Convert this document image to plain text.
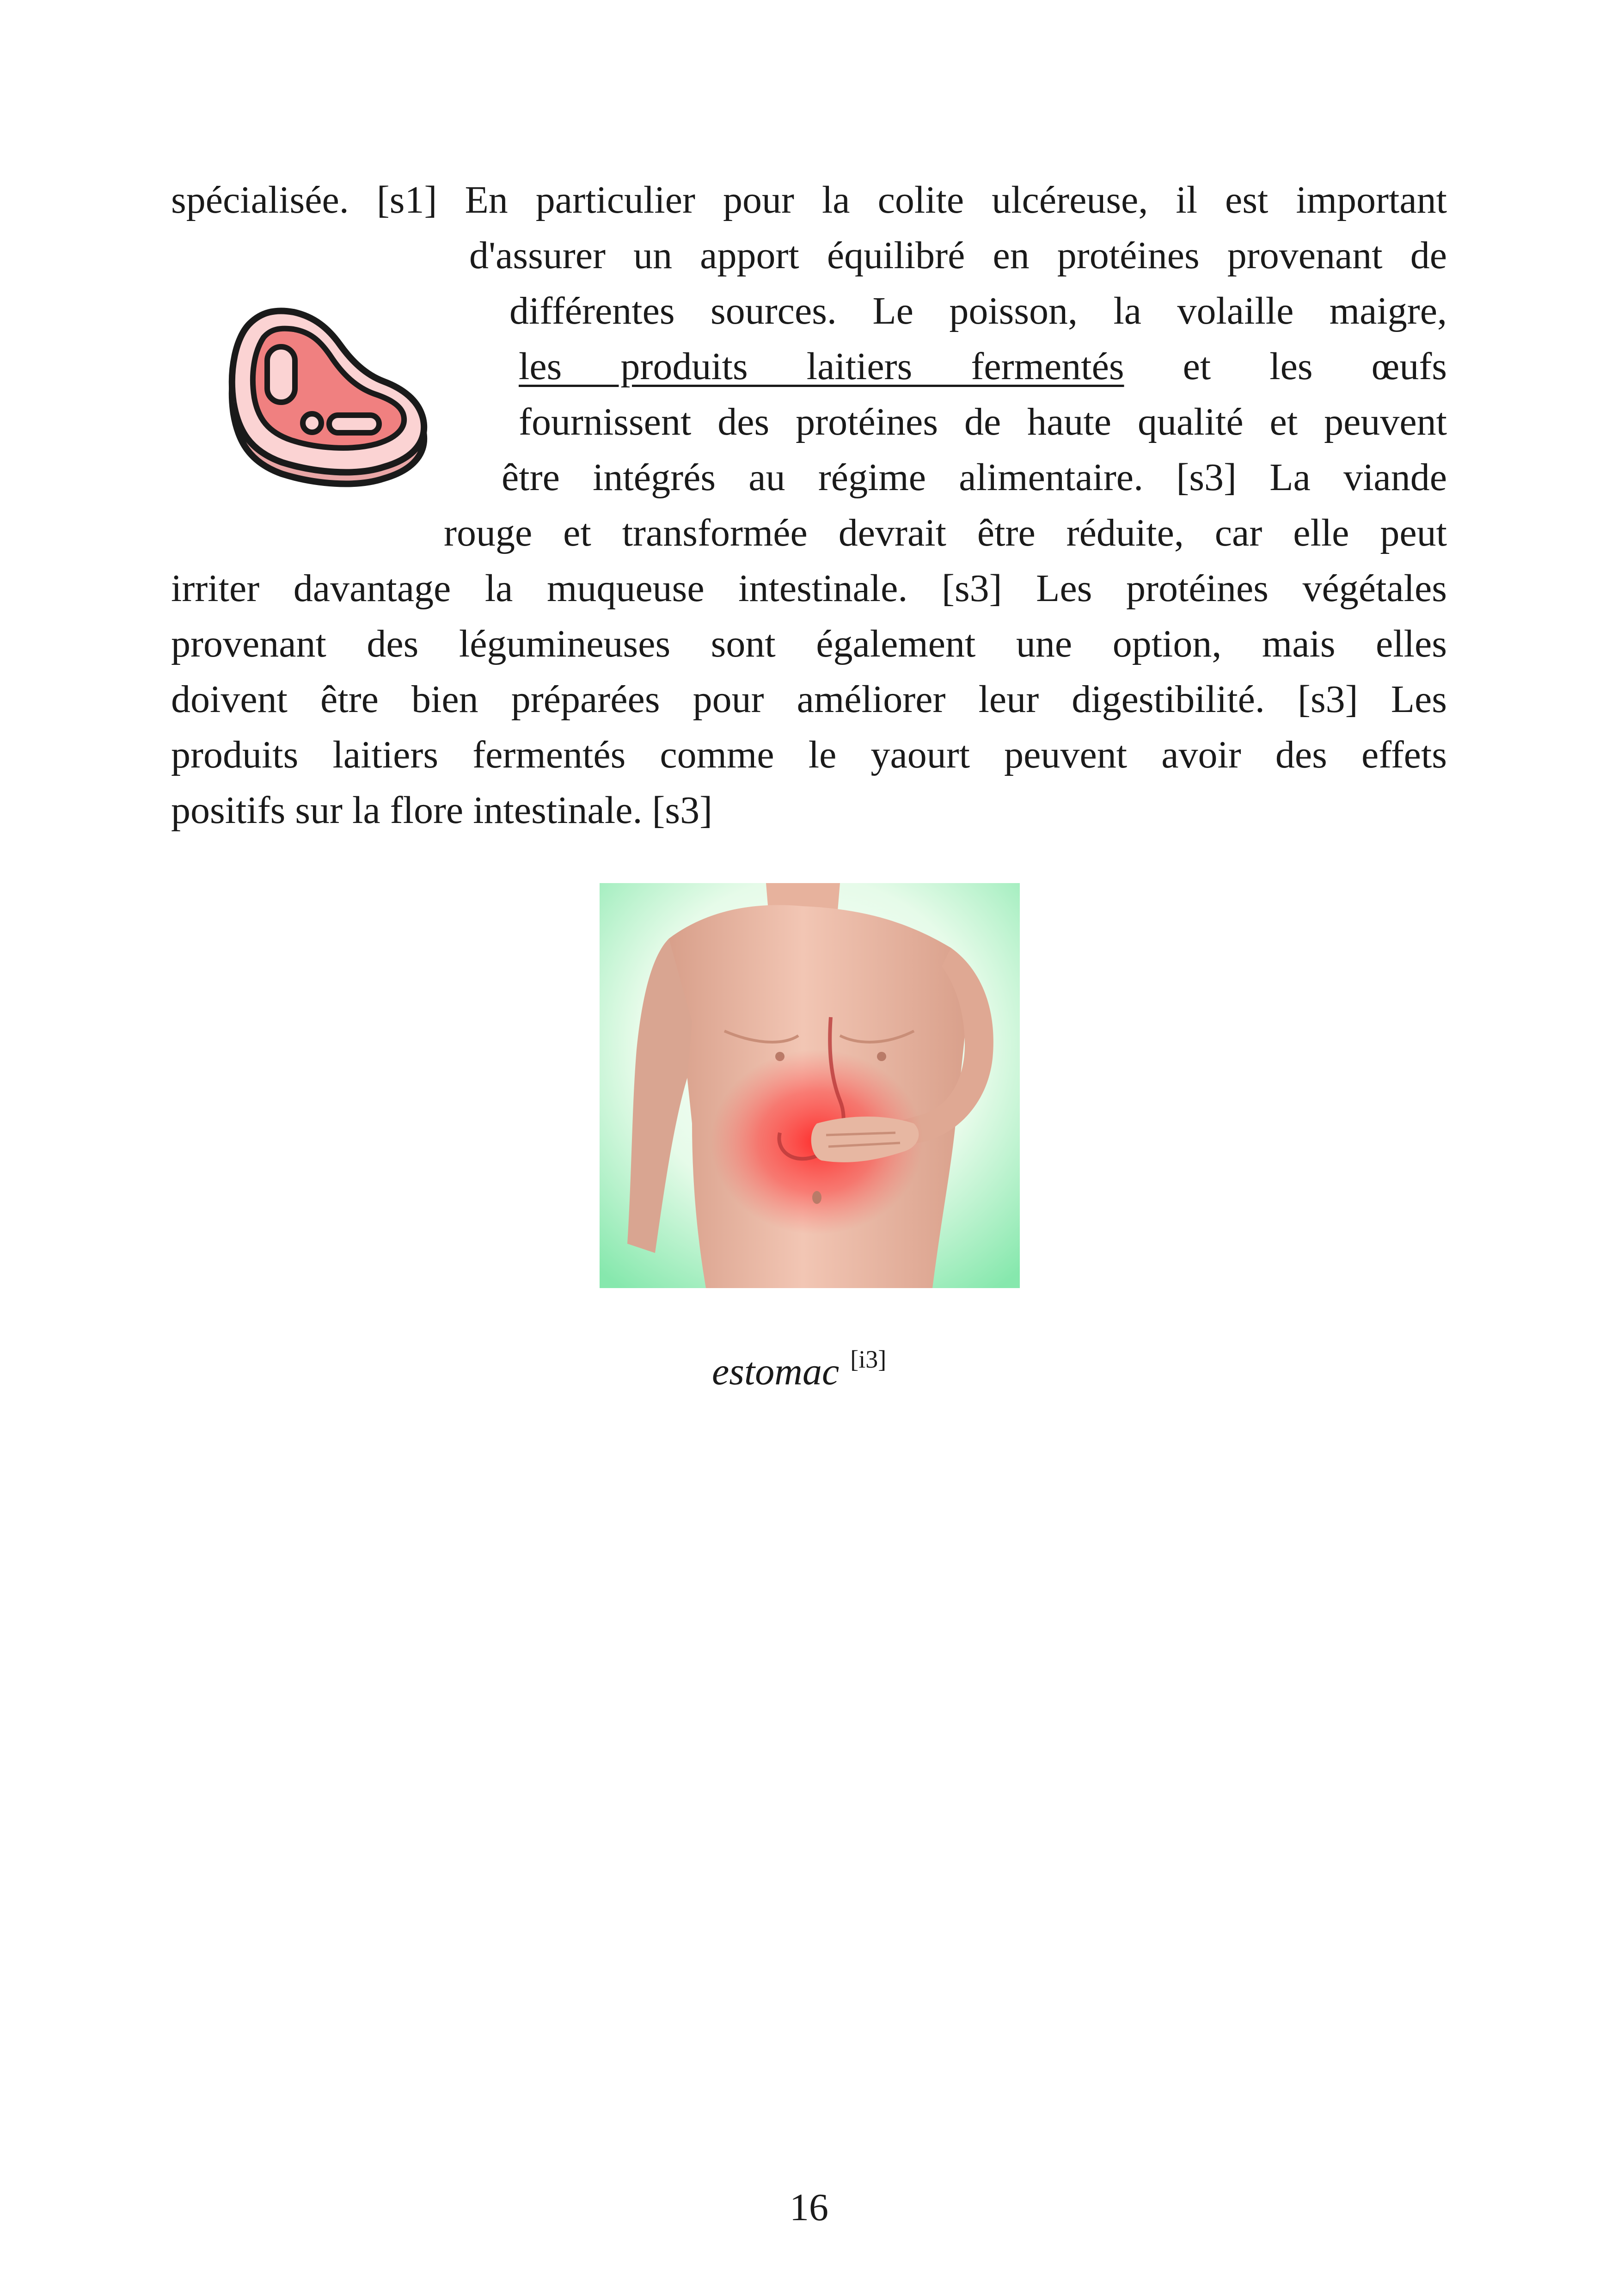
spécialisée. [s1] En particulier pour la colite ulcéreuse, il est important
d'assurer un apport équilibré en protéines provenant de
différentes sources. Le poisson, la volaille maigre,
les produits laitiers fermentés et les œufs
fournissent des protéines de haute qualité et peuvent
être intégrés au régime alimentaire. [s3] La viande
rouge et transformée devrait être réduite, car elle peut
irriter davantage la muqueuse intestinale. [s3] Les protéines végétales
provenant des légumineuses sont également une option, mais elles
doivent être bien préparées pour améliorer leur digestibilité. [s3] Les
produits laitiers fermentés comme le yaourt peuvent avoir des effets
positifs sur la flore intestinale. [s3]
estomac [i3]
16
